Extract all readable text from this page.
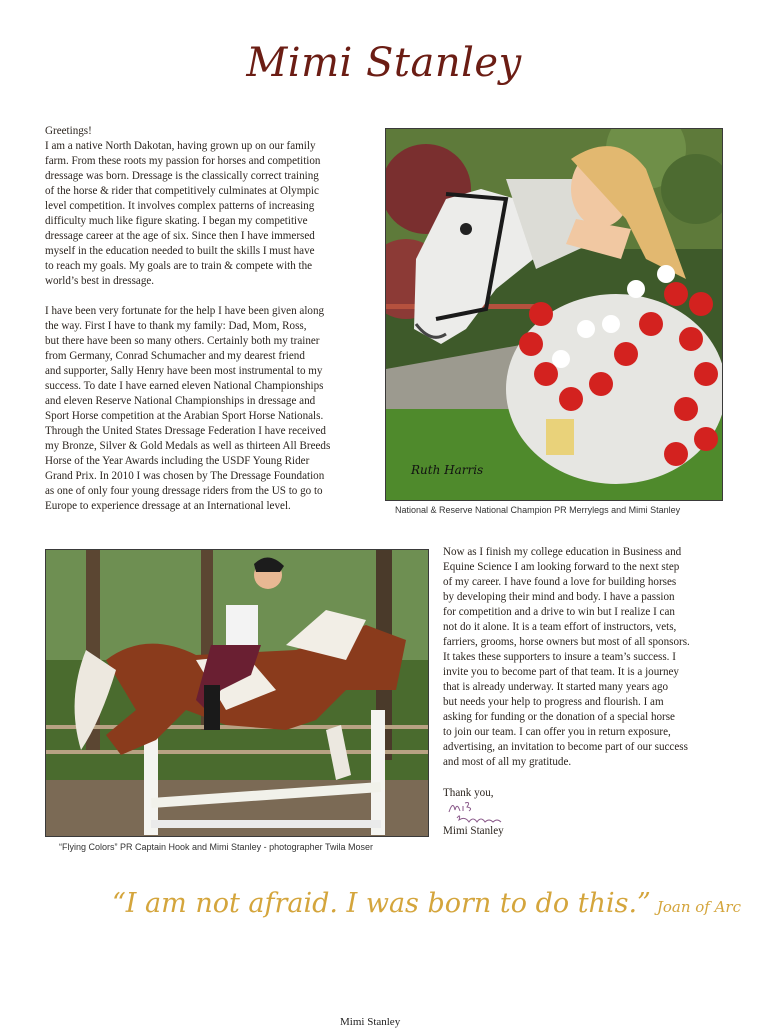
Mimi Stanley

Greetings!
I am a native North Dakotan, having grown up on our family
farm. From these roots my passion for horses and competition
dressage was born. Dressage is the classically correct training
of the horse & rider that competitively culminates at Olympic
level competition. It involves complex patterns of increasing
difficulty much like figure skating. I began my competitive
dressage career at the age of six. Since then I have immersed
myself in the education needed to built the skills I must have
to reach my goals. My goals are to train & compete with the
world’s best in dressage.

I have been very fortunate for the help I have been given along
the way. First I have to thank my family: Dad, Mom, Ross,
but there have been so many others. Certainly both my trainer
from Germany, Conrad Schumacher and my dearest friend
and supporter, Sally Henry have been most instrumental to my
success. To date I have earned eleven National Championships
and eleven Reserve National Championships in dressage and
Sport Horse competition at the Arabian Sport Horse Nationals.
Through the United States Dressage Federation I have received
my Bronze, Silver & Gold Medals as well as thirteen All Breeds
Horse of the Year Awards including the USDF Young Rider
Grand Prix. In 2010 I was chosen by The Dressage Foundation
as one of only four young dressage riders from the US to go to
Europe to experience dressage at an International level.

Ruth Harris
National & Reserve National Champion PR Merrylegs and Mimi Stanley
“Flying Colors” PR Captain Hook and Mimi Stanley - photographer Twila Moser

Now as I finish my college education in Business and
Equine Science I am looking forward to the next step
of my career. I have found a love for building horses
by developing their mind and body. I have a passion
for competition and a drive to win but I realize I can
not do it alone. It is a team effort of instructors, vets,
farriers, grooms, horse owners but most of all sponsors.
It takes these supporters to insure a team’s success. I
invite you to become part of that team. It is a journey
that is already underway. It started many years ago
but needs your help to progress and flourish. I am
asking for funding or the donation of a special horse
to join our team. I can offer you in return exposure,
advertising, an invitation to become part of our success
and most of all my gratitude.

Thank you,
Mimi Stanley
“I am not afraid. I was born to do this.” Joan of Arc
Mimi Stanley
